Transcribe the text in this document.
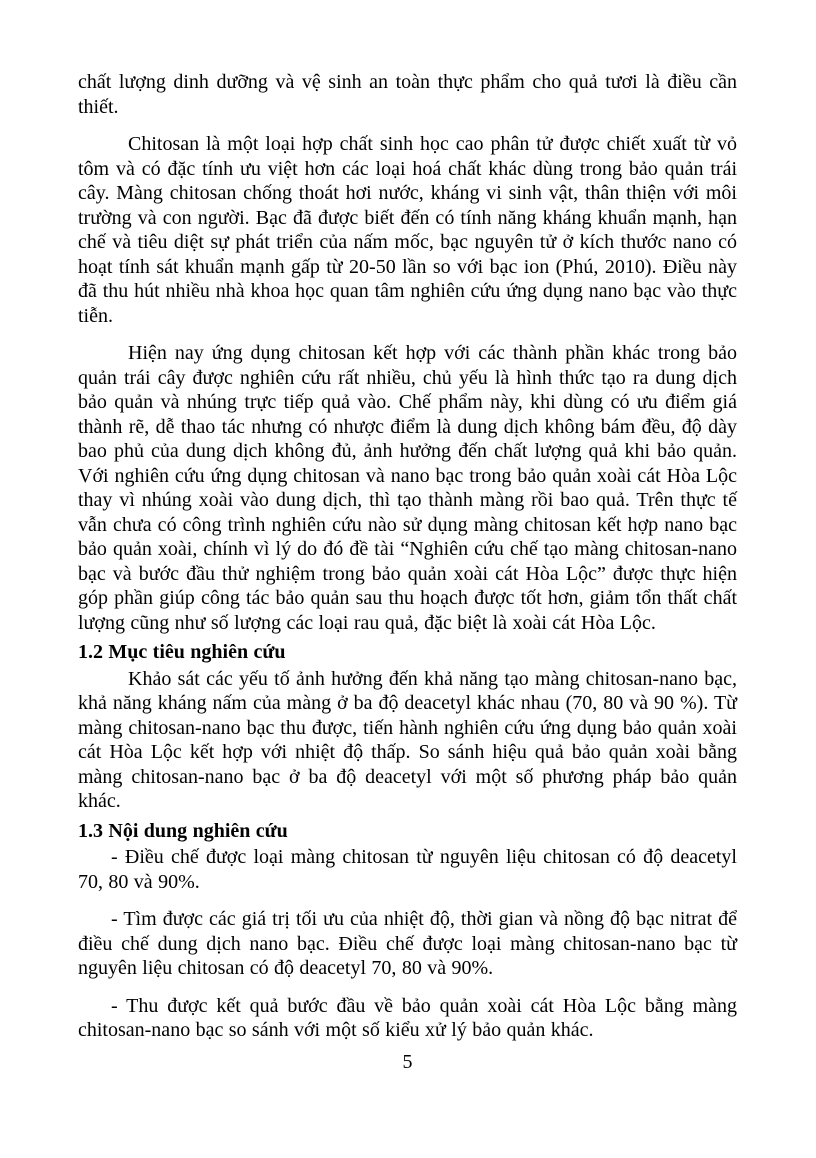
chất lượng dinh dưỡng và vệ sinh an toàn thực phẩm cho quả tươi là điều cần thiết.

Chitosan là một loại hợp chất sinh học cao phân tử được chiết xuất từ vỏ tôm và có đặc tính ưu việt hơn các loại hoá chất khác dùng trong bảo quản trái cây. Màng chitosan chống thoát hơi nước, kháng vi sinh vật, thân thiện với môi trường và con người. Bạc đã được biết đến có tính năng kháng khuẩn mạnh, hạn chế và tiêu diệt sự phát triển của nấm mốc, bạc nguyên tử ở kích thước nano có hoạt tính sát khuẩn mạnh gấp từ 20-50 lần so với bạc ion (Phú, 2010). Điều này đã thu hút nhiều nhà khoa học quan tâm nghiên cứu ứng dụng nano bạc vào thực tiễn.

Hiện nay ứng dụng chitosan kết hợp với các thành phần khác trong bảo quản trái cây được nghiên cứu rất nhiều, chủ yếu là hình thức tạo ra dung dịch bảo quản và nhúng trực tiếp quả vào. Chế phẩm này, khi dùng có ưu điểm giá thành rẽ, dễ thao tác nhưng có nhược điểm là dung dịch không bám đều, độ dày bao phủ của dung dịch không đủ, ảnh hưởng đến chất lượng quả khi bảo quản. Với nghiên cứu ứng dụng chitosan và nano bạc trong bảo quản xoài cát Hòa Lộc thay vì nhúng xoài vào dung dịch, thì tạo thành màng rồi bao quả. Trên thực tế vẫn chưa có công trình nghiên cứu nào sử dụng màng chitosan kết hợp nano bạc bảo quản xoài, chính vì lý do đó đề tài “Nghiên cứu chế tạo màng chitosan-nano bạc và bước đầu thử nghiệm trong bảo quản xoài cát Hòa Lộc” được thực hiện góp phần giúp công tác bảo quản sau thu hoạch được tốt hơn, giảm tổn thất chất lượng cũng như số lượng các loại rau quả, đặc biệt là xoài cát Hòa Lộc.

1.2 Mục tiêu nghiên cứu

Khảo sát các yếu tố ảnh hưởng đến khả năng tạo màng chitosan-nano bạc, khả năng kháng nấm của màng ở ba độ deacetyl khác nhau (70, 80 và 90 %). Từ màng chitosan-nano bạc thu được, tiến hành nghiên cứu ứng dụng bảo quản xoài cát Hòa Lộc kết hợp với nhiệt độ thấp. So sánh hiệu quả bảo quản xoài bằng màng chitosan-nano bạc ở ba độ deacetyl với một số phương pháp bảo quản khác.

1.3 Nội dung nghiên cứu

- Điều chế được loại màng chitosan từ nguyên liệu chitosan có độ deacetyl 70, 80 và 90%.

- Tìm được các giá trị tối ưu của nhiệt độ, thời gian và nồng độ bạc nitrat để điều chế dung dịch nano bạc. Điều chế được loại màng chitosan-nano bạc từ nguyên liệu chitosan có độ deacetyl 70, 80 và 90%.

- Thu được kết quả bước đầu về bảo quản xoài cát Hòa Lộc bằng màng chitosan-nano bạc so sánh với một số kiểu xử lý bảo quản khác.

5
